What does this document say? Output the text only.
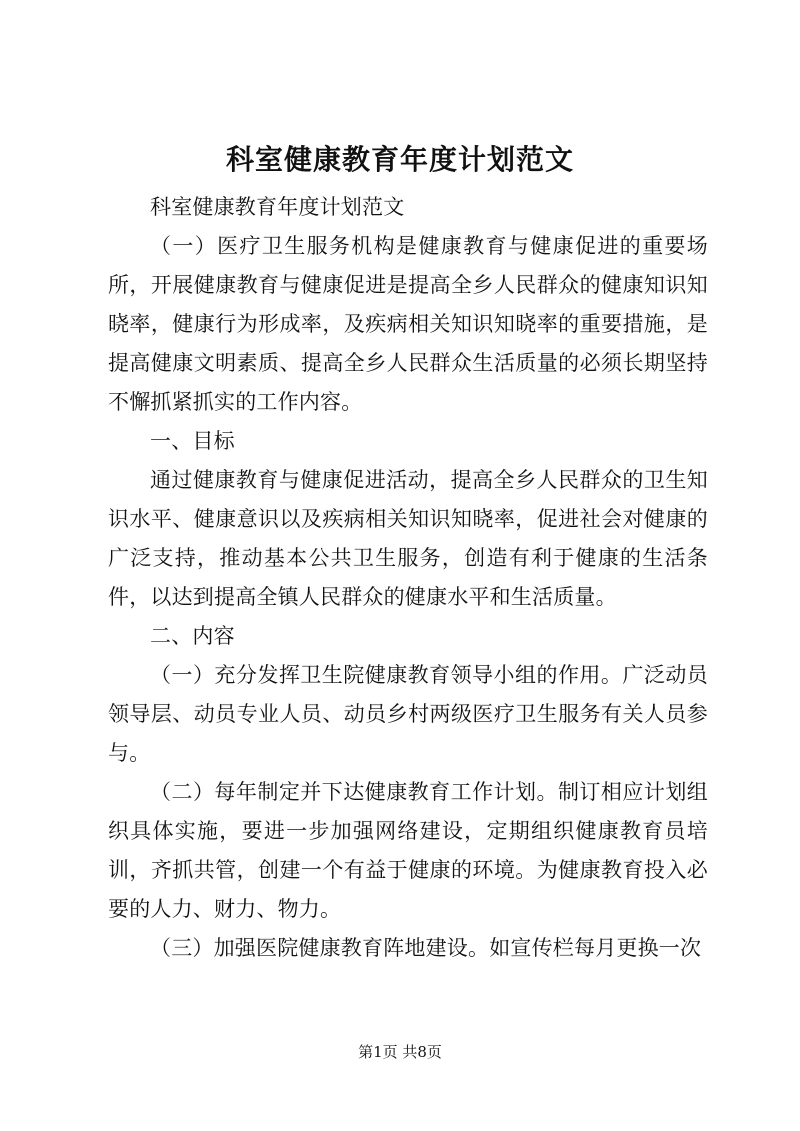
科室健康教育年度计划范文

科室健康教育年度计划范文

（一）医疗卫生服务机构是健康教育与健康促进的重要场所，开展健康教育与健康促进是提高全乡人民群众的健康知识知晓率，健康行为形成率，及疾病相关知识知晓率的重要措施，是提高健康文明素质、提高全乡人民群众生活质量的必须长期坚持不懈抓紧抓实的工作内容。

一、目标

通过健康教育与健康促进活动，提高全乡人民群众的卫生知识水平、健康意识以及疾病相关知识知晓率，促进社会对健康的广泛支持，推动基本公共卫生服务，创造有利于健康的生活条件，以达到提高全镇人民群众的健康水平和生活质量。

二、内容

（一）充分发挥卫生院健康教育领导小组的作用。广泛动员领导层、动员专业人员、动员乡村两级医疗卫生服务有关人员参与。

（二）每年制定并下达健康教育工作计划。制订相应计划组织具体实施，要进一步加强网络建设，定期组织健康教育员培训，齐抓共管，创建一个有益于健康的环境。为健康教育投入必要的人力、财力、物力。

（三）加强医院健康教育阵地建设。如宣传栏每月更换一次

第1页 共8页
